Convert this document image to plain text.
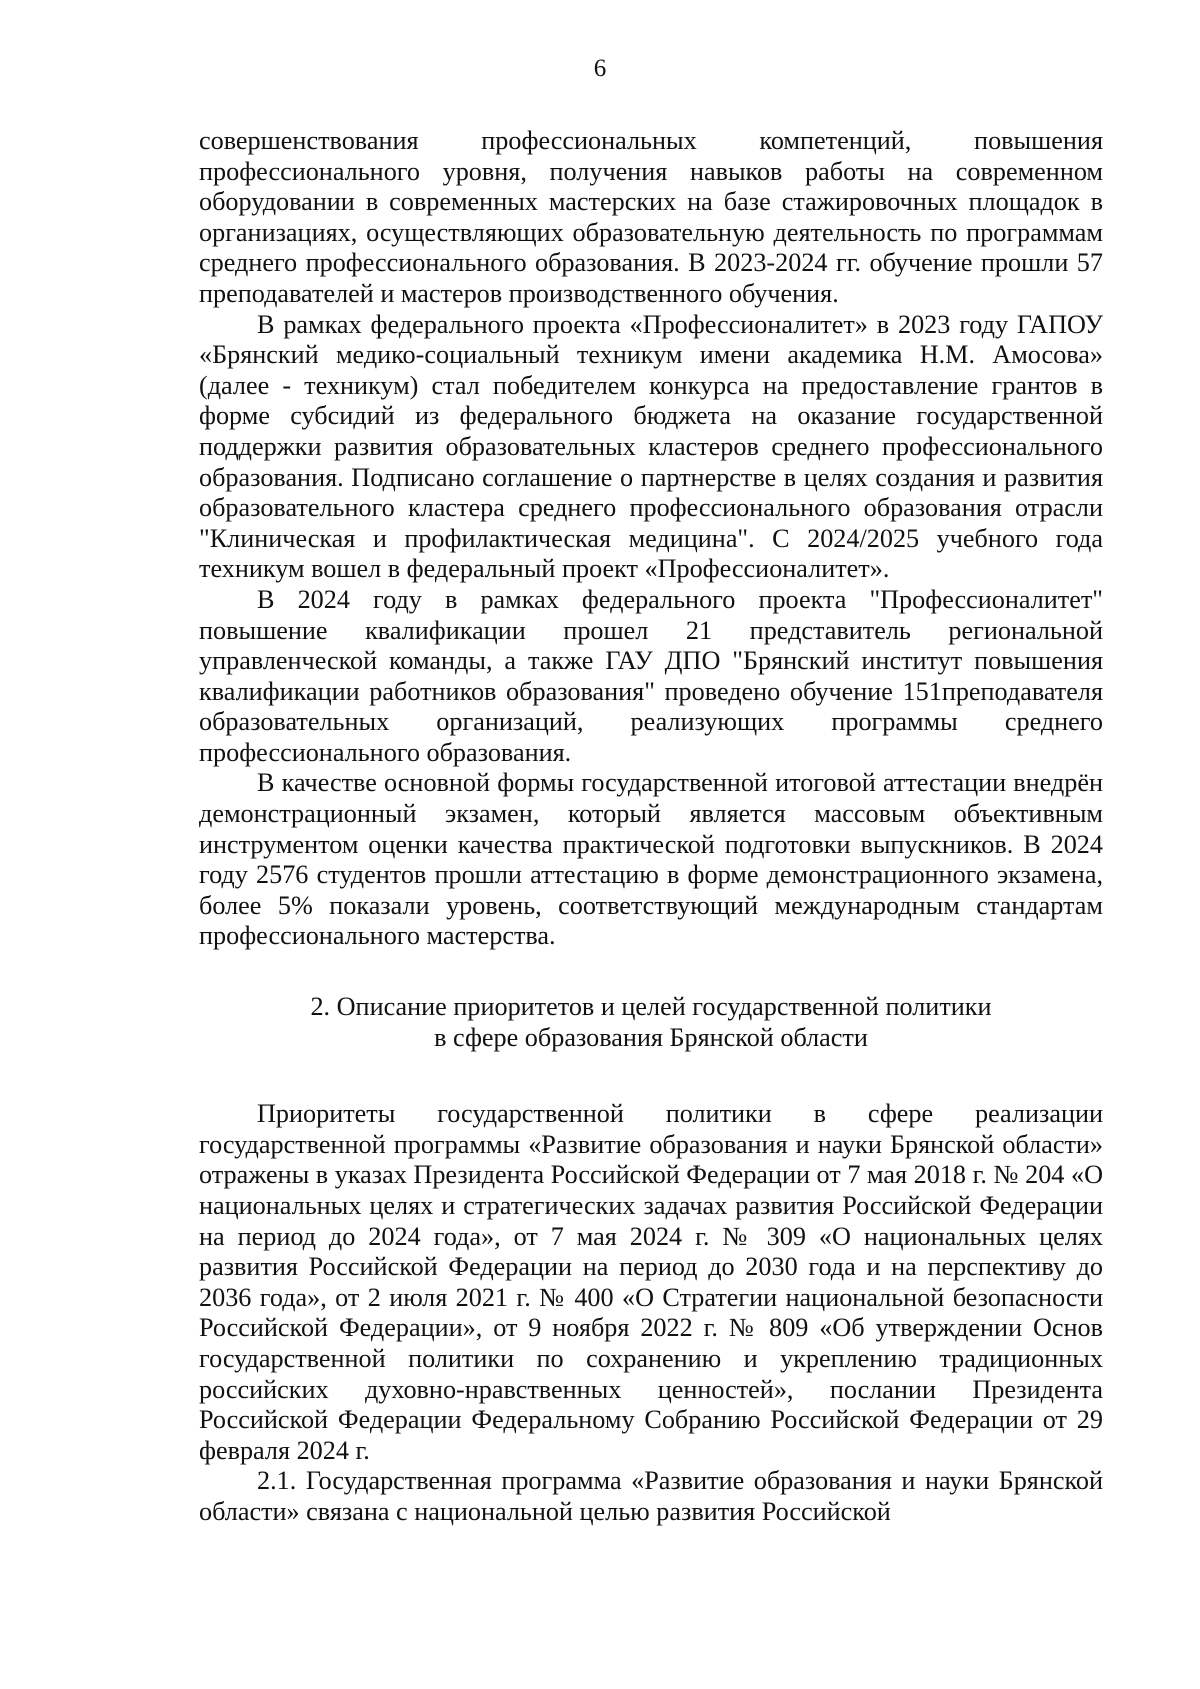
6

совершенствования профессиональных компетенций, повышения профессионального уровня, получения навыков работы на современном оборудовании в современных мастерских на базе стажировочных площадок в организациях, осуществляющих образовательную деятельность по программам среднего профессионального образования. В 2023-2024 гг. обучение прошли 57 преподавателей и мастеров производственного обучения.

В рамках федерального проекта «Профессионалитет» в 2023 году ГАПОУ «Брянский медико-социальный техникум имени академика Н.М. Амосова» (далее - техникум) стал победителем конкурса на предоставление грантов в форме субсидий из федерального бюджета на оказание государственной поддержки развития образовательных кластеров среднего профессионального образования. Подписано соглашение о партнерстве в целях создания и развития образовательного кластера среднего профессионального образования отрасли "Клиническая и профилактическая медицина". С 2024/2025 учебного года техникум вошел в федеральный проект «Профессионалитет».

В 2024 году в рамках федерального проекта "Профессионалитет" повышение квалификации прошел 21 представитель региональной управленческой команды, а также ГАУ ДПО "Брянский институт повышения квалификации работников образования" проведено обучение 151преподавателя образовательных организаций, реализующих программы среднего профессионального образования.

В качестве основной формы государственной итоговой аттестации внедрён демонстрационный экзамен, который является массовым объективным инструментом оценки качества практической подготовки выпускников. В 2024 году 2576 студентов прошли аттестацию в форме демонстрационного экзамена, более 5% показали уровень, соответствующий международным стандартам профессионального мастерства.

2. Описание приоритетов и целей государственной политики
в сфере образования Брянской области

Приоритеты государственной политики в сфере реализации государственной программы «Развитие образования и науки Брянской области» отражены в указах Президента Российской Федерации от 7 мая 2018 г. № 204 «О национальных целях и стратегических задачах развития Российской Федерации на период до 2024 года», от 7 мая 2024 г. № 309 «О национальных целях развития Российской Федерации на период до 2030 года и на перспективу до 2036 года», от 2 июля 2021 г. № 400 «О Стратегии национальной безопасности Российской Федерации», от 9 ноября 2022 г. № 809 «Об утверждении Основ государственной политики по сохранению и укреплению традиционных российских духовно-нравственных ценностей», послании Президента Российской Федерации Федеральному Собранию Российской Федерации от 29 февраля 2024 г.

2.1. Государственная программа «Развитие образования и науки Брянской области» связана с национальной целью развития Российской
